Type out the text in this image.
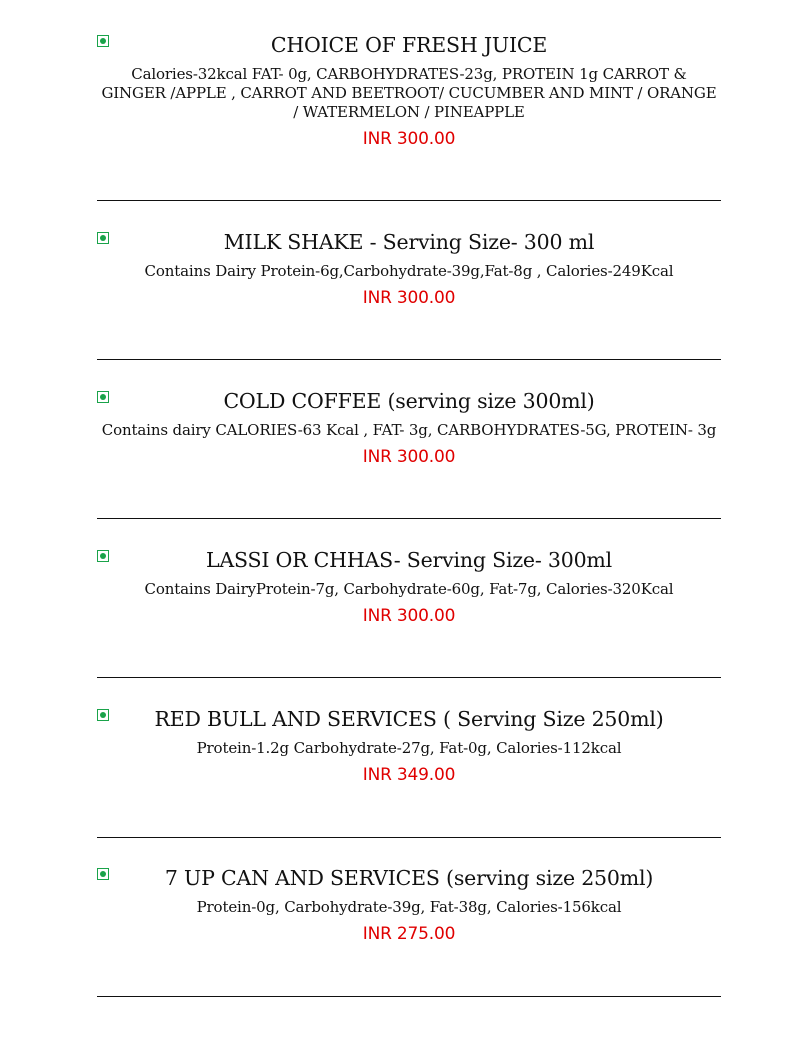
CHOICE OF FRESH JUICE
Calories-32kcal FAT- 0g, CARBOHYDRATES-23g, PROTEIN 1g CARROT & GINGER /APPLE , CARROT AND BEETROOT/ CUCUMBER AND MINT / ORANGE / WATERMELON / PINEAPPLE
INR 300.00
MILK SHAKE - Serving Size- 300 ml
Contains Dairy Protein-6g,Carbohydrate-39g,Fat-8g , Calories-249Kcal
INR 300.00
COLD COFFEE (serving size 300ml)
Contains dairy CALORIES-63 Kcal , FAT- 3g, CARBOHYDRATES-5G, PROTEIN- 3g
INR 300.00
LASSI OR CHHAS- Serving Size- 300ml
Contains DairyProtein-7g, Carbohydrate-60g, Fat-7g, Calories-320Kcal
INR 300.00
RED BULL AND SERVICES ( Serving Size 250ml)
Protein-1.2g Carbohydrate-27g, Fat-0g, Calories-112kcal
INR 349.00
7 UP CAN AND SERVICES (serving size 250ml)
Protein-0g, Carbohydrate-39g, Fat-38g, Calories-156kcal
INR 275.00
